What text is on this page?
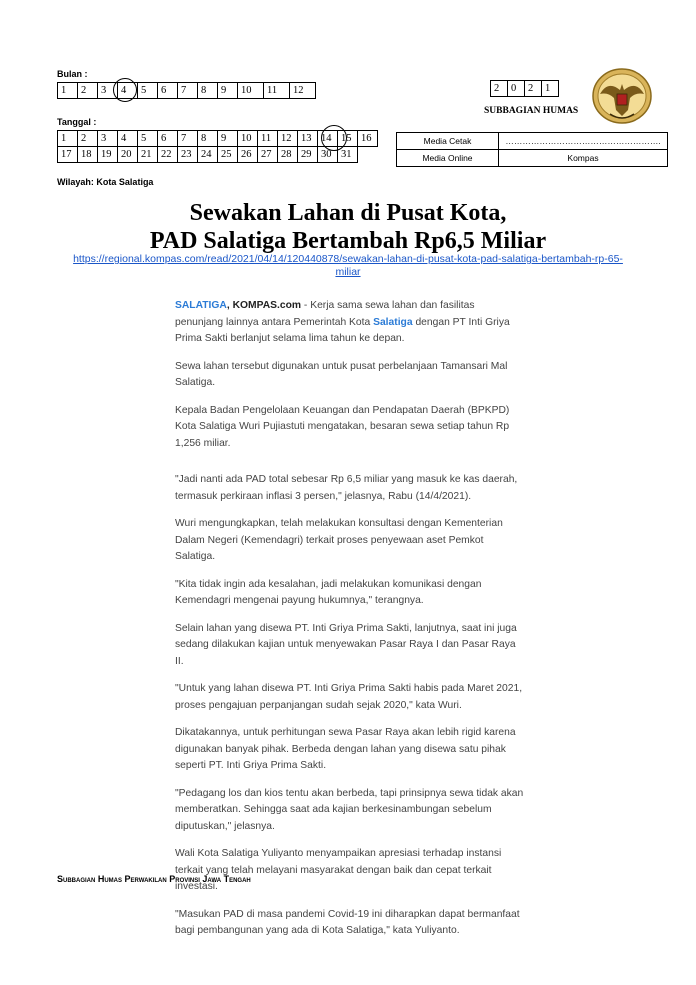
Bulan :
1	2	3	4	5	6	7	8	9	10	11	12
Tanggal :
1	2	3	4	5	6	7	8	9	10	11	12	13	14	15	16
17	18	19	20	21	22	23	24	25	26	27	28	29	30	31	
2	0	2	1
SUBBAGIAN HUMAS
Media Cetak	……………………………………………….
Media Online	Kompas
Wilayah: Kota Salatiga
Sewakan Lahan di Pusat Kota,
PAD Salatiga Bertambah Rp6,5 Miliar
https://regional.kompas.com/read/2021/04/14/120440878/sewakan-lahan-di-pusat-kota-pad-salatiga-bertambah-rp-65-
miliar

SALATIGA, KOMPAS.com - Kerja sama sewa lahan dan fasilitas penunjang lainnya antara Pemerintah Kota Salatiga dengan PT Inti Griya Prima Sakti berlanjut selama lima tahun ke depan.

Sewa lahan tersebut digunakan untuk pusat perbelanjaan Tamansari Mal Salatiga.

Kepala Badan Pengelolaan Keuangan dan Pendapatan Daerah (BPKPD) Kota Salatiga Wuri Pujiastuti mengatakan, besaran sewa setiap tahun Rp 1,256 miliar.

"Jadi nanti ada PAD total sebesar Rp 6,5 miliar yang masuk ke kas daerah, termasuk perkiraan inflasi 3 persen," jelasnya, Rabu (14/4/2021).

Wuri mengungkapkan, telah melakukan konsultasi dengan Kementerian Dalam Negeri (Kemendagri) terkait proses penyewaan aset Pemkot Salatiga.

"Kita tidak ingin ada kesalahan, jadi melakukan komunikasi dengan Kemendagri mengenai payung hukumnya," terangnya.

Selain lahan yang disewa PT. Inti Griya Prima Sakti, lanjutnya, saat ini juga sedang dilakukan kajian untuk menyewakan Pasar Raya I dan Pasar Raya II.

"Untuk yang lahan disewa PT. Inti Griya Prima Sakti habis pada Maret 2021, proses pengajuan perpanjangan sudah sejak 2020," kata Wuri.

Dikatakannya, untuk perhitungan sewa Pasar Raya akan lebih rigid karena digunakan banyak pihak. Berbeda dengan lahan yang disewa satu pihak seperti PT. Inti Griya Prima Sakti.

"Pedagang los dan kios tentu akan berbeda, tapi prinsipnya sewa tidak akan memberatkan. Sehingga saat ada kajian berkesinambungan sebelum diputuskan," jelasnya.

Wali Kota Salatiga Yuliyanto menyampaikan apresiasi terhadap instansi terkait yang telah melayani masyarakat dengan baik dan cepat terkait investasi.

"Masukan PAD di masa pandemi Covid-19 ini diharapkan dapat bermanfaat bagi pembangunan yang ada di Kota Salatiga," kata Yuliyanto.

Subbagian Humas Perwakilan Provinsi Jawa Tengah
